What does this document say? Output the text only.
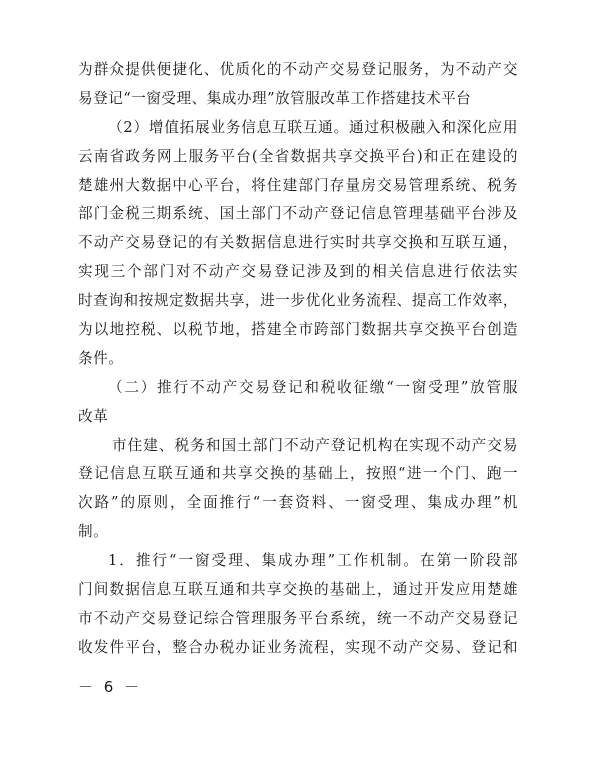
为群众提供便捷化、优质化的不动产交易登记服务，为不动产交
易登记“一窗受理、集成办理”放管服改革工作搭建技术平台
（2）增值拓展业务信息互联互通。通过积极融入和深化应用
云南省政务网上服务平台(全省数据共享交换平台)和正在建设的
楚雄州大数据中心平台，将住建部门存量房交易管理系统、税务
部门金税三期系统、国土部门不动产登记信息管理基础平台涉及
不动产交易登记的有关数据信息进行实时共享交换和互联互通，
实现三个部门对不动产交易登记涉及到的相关信息进行依法实
时查询和按规定数据共享，进一步优化业务流程、提高工作效率，
为以地控税、以税节地，搭建全市跨部门数据共享交换平台创造
条件。
（二）推行不动产交易登记和税收征缴“一窗受理”放管服
改革
市住建、税务和国土部门不动产登记机构在实现不动产交易
登记信息互联互通和共享交换的基础上，按照“进一个门、跑一
次路”的原则，全面推行“一套资料、一窗受理、集成办理”机
制。
1．推行“一窗受理、集成办理”工作机制。在第一阶段部
门间数据信息互联互通和共享交换的基础上，通过开发应用楚雄
市不动产交易登记综合管理服务平台系统，统一不动产交易登记
收发件平台，整合办税办证业务流程，实现不动产交易、登记和
－ 6 －
